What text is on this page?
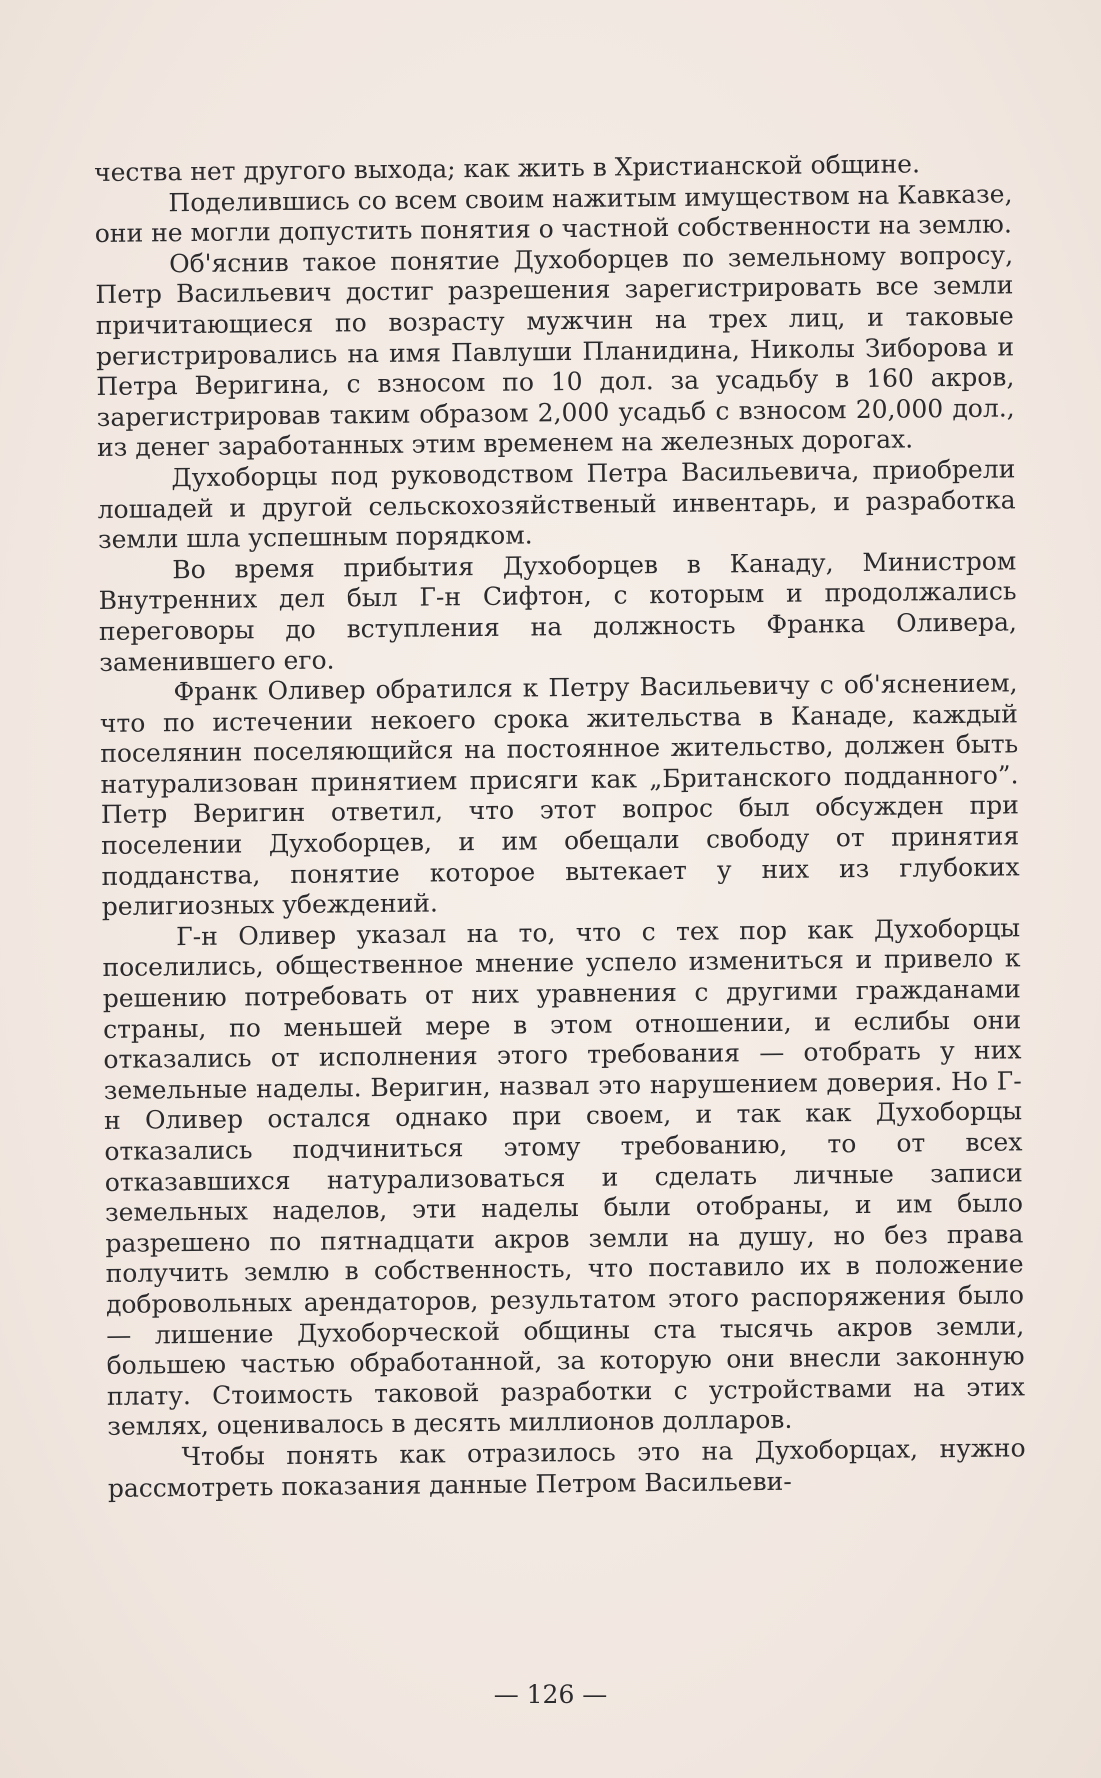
чества нет другого выхода; как жить в Христианской общине.

Поделившись со всем своим нажитым имуществом на Кавказе, они не могли допустить понятия о частной собственности на землю.

Об'яснив такое понятие Духоборцев по земельному вопросу, Петр Васильевич достиг разрешения зарегистрировать все земли причитающиеся по возрасту мужчин на трех лиц, и таковые регистрировались на имя Павлуши Планидина, Николы Зиборова и Петра Веригина, с взносом по 10 дол. за усадьбу в 160 акров, зарегистрировав таким образом 2,000 усадьб с взносом 20,000 дол., из денег заработанных этим временем на железных дорогах.

Духоборцы под руководством Петра Васильевича, приобрели лошадей и другой сельскохозяйственый инвентарь, и разработка земли шла успешным порядком.

Во время прибытия Духоборцев в Канаду, Министром Внутренних дел был Г-н Сифтон, с которым и продолжались переговоры до вступления на должность Франка Оливера, заменившего его.

Франк Оливер обратился к Петру Васильевичу с об'яснением, что по истечении некоего срока жительства в Канаде, каждый поселянин поселяющийся на постоянное жительство, должен быть натурализован принятием присяги как „Британского подданного”. Петр Веригин ответил, что этот вопрос был обсужден при поселении Духоборцев, и им обещали свободу от принятия подданства, понятие которое вытекает у них из глубоких религиозных убеждений.

Г-н Оливер указал на то, что с тех пор как Духоборцы поселились, общественное мнение успело измениться и привело к решению потребовать от них уравнения с другими гражданами страны, по меньшей мере в этом отношении, и еслибы они отказались от исполнения этого требования — отобрать у них земельные наделы. Веригин, назвал это нарушением доверия. Но Г-н Оливер остался однако при своем, и так как Духоборцы отказались подчиниться этому требованию, то от всех отказавшихся натурализоваться и сделать личные записи земельных наделов, эти наделы были отобраны, и им было разрешено по пятнадцати акров земли на душу, но без права получить землю в собственность, что поставило их в положение добровольных арендаторов, результатом этого распоряжения было — лишение Духоборческой общины ста тысячь акров земли, большею частью обработанной, за которую они внесли законную плату. Стоимость таковой разработки с устройствами на этих землях, оценивалось в десять миллионов долларов.

Чтобы понять как отразилось это на Духоборцах, нужно рассмотреть показания данные Петром Васильеви-

— 126 —
